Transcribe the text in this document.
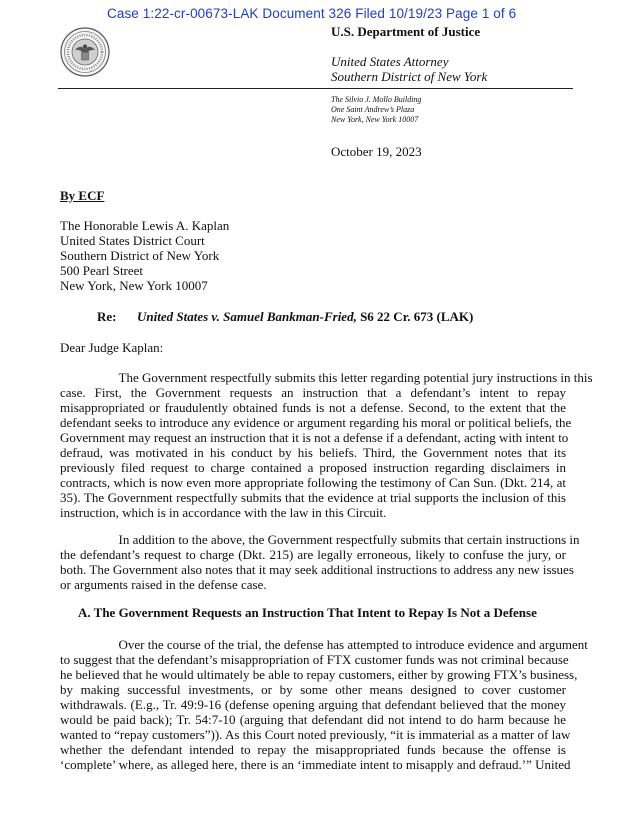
Case 1:22-cr-00673-LAK Document 326 Filed 10/19/23 Page 1 of 6
U.S. Department of Justice
United States Attorney
Southern District of New York
The Silvio J. Mollo Building
One Saint Andrew’s Plaza
New York, New York 10007
October 19, 2023
By ECF
The Honorable Lewis A. Kaplan
United States District Court
Southern District of New York
500 Pearl Street
New York, New York 10007
Re: United States v. Samuel Bankman-Fried, S6 22 Cr. 673 (LAK)
Dear Judge Kaplan:
The Government respectfully submits this letter regarding potential jury instructions in this
case. First, the Government requests an instruction that a defendant’s intent to repay
misappropriated or fraudulently obtained funds is not a defense. Second, to the extent that the
defendant seeks to introduce any evidence or argument regarding his moral or political beliefs, the
Government may request an instruction that it is not a defense if a defendant, acting with intent to
defraud, was motivated in his conduct by his beliefs. Third, the Government notes that its
previously filed request to charge contained a proposed instruction regarding disclaimers in
contracts, which is now even more appropriate following the testimony of Can Sun. (Dkt. 214, at
35). The Government respectfully submits that the evidence at trial supports the inclusion of this
instruction, which is in accordance with the law in this Circuit.
In addition to the above, the Government respectfully submits that certain instructions in
the defendant’s request to charge (Dkt. 215) are legally erroneous, likely to confuse the jury, or
both. The Government also notes that it may seek additional instructions to address any new issues
or arguments raised in the defense case.
A. The Government Requests an Instruction That Intent to Repay Is Not a Defense
Over the course of the trial, the defense has attempted to introduce evidence and argument
to suggest that the defendant’s misappropriation of FTX customer funds was not criminal because
he believed that he would ultimately be able to repay customers, either by growing FTX’s business,
by making successful investments, or by some other means designed to cover customer
withdrawals. (E.g., Tr. 49:9-16 (defense opening arguing that defendant believed that the money
would be paid back); Tr. 54:7-10 (arguing that defendant did not intend to do harm because he
wanted to “repay customers”)). As this Court noted previously, “it is immaterial as a matter of law
whether the defendant intended to repay the misappropriated funds because the offense is
‘complete’ where, as alleged here, there is an ‘immediate intent to misapply and defraud.’” United
